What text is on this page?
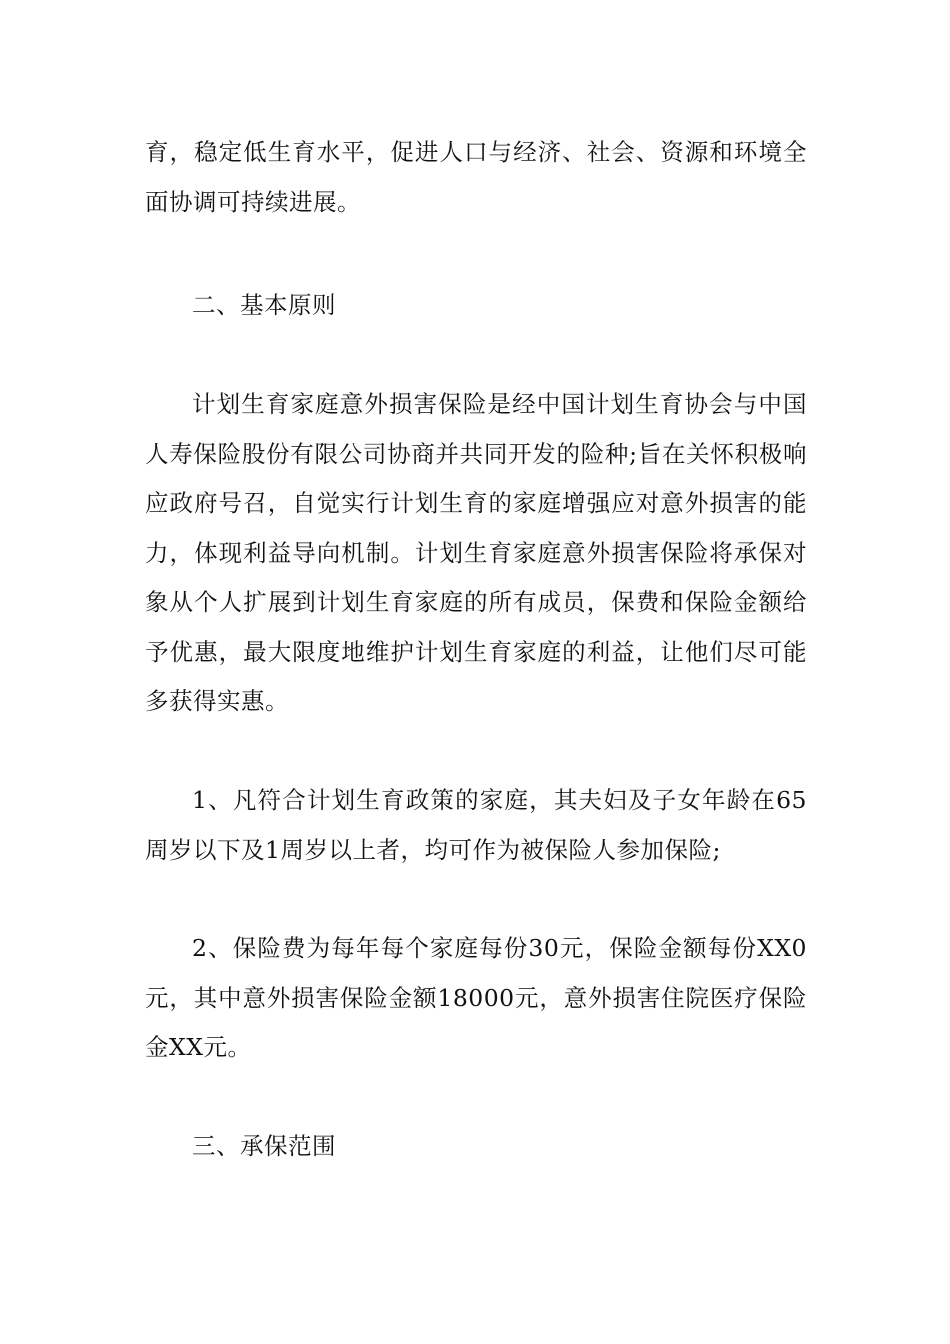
育，稳定低生育水平，促进人口与经济、社会、资源和环境全面协调可持续进展。

二、基本原则

计划生育家庭意外损害保险是经中国计划生育协会与中国人寿保险股份有限公司协商并共同开发的险种;旨在关怀积极响应政府号召，自觉实行计划生育的家庭增强应对意外损害的能力，体现利益导向机制。计划生育家庭意外损害保险将承保对象从个人扩展到计划生育家庭的所有成员，保费和保险金额给予优惠，最大限度地维护计划生育家庭的利益，让他们尽可能多获得实惠。

1、凡符合计划生育政策的家庭，其夫妇及子女年龄在65周岁以下及1周岁以上者，均可作为被保险人参加保险;

2、保险费为每年每个家庭每份30元，保险金额每份XX0元，其中意外损害保险金额18000元，意外损害住院医疗保险金XX元。

三、承保范围
